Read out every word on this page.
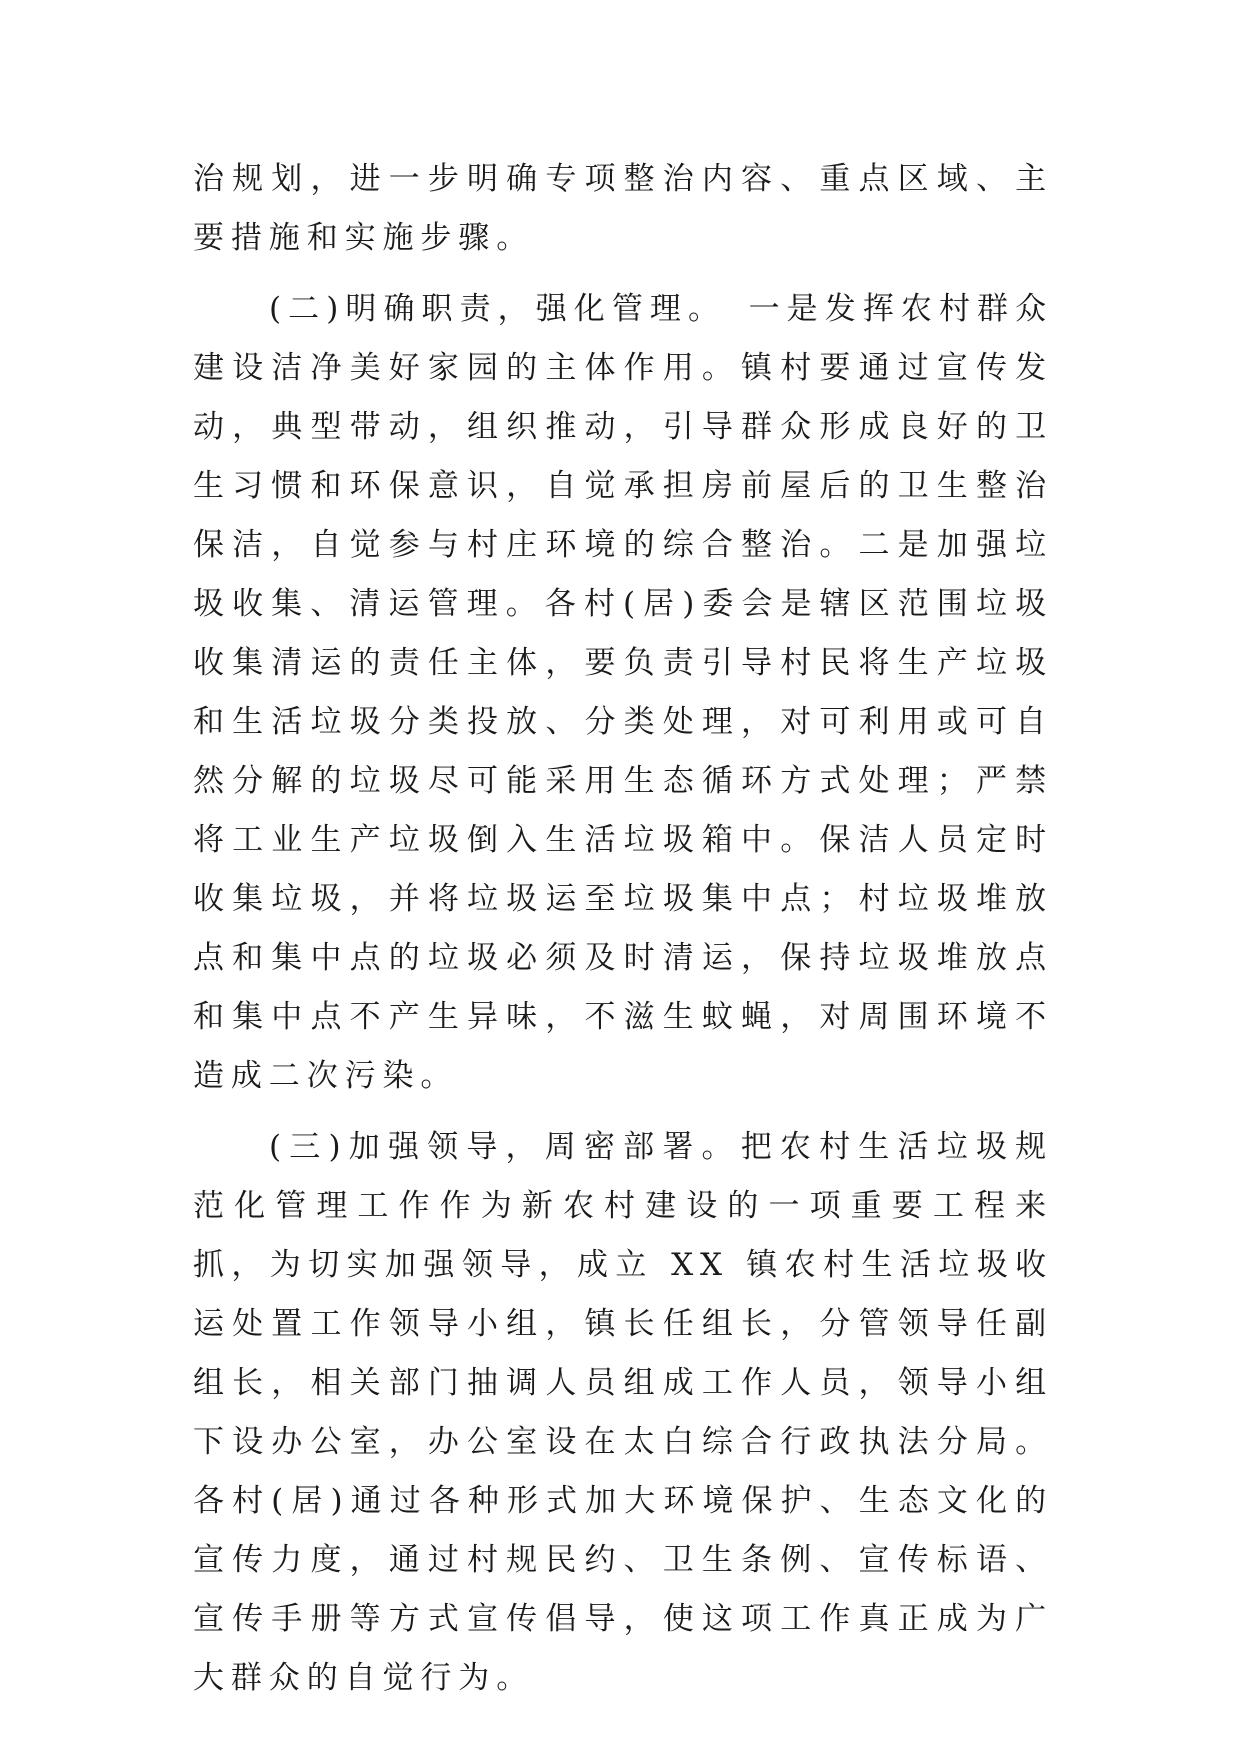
治规划，进一步明确专项整治内容、重点区域、主要措施和实施步骤。

(二)明确职责，强化管理。　一是发挥农村群众建设洁净美好家园的主体作用。镇村要通过宣传发动，典型带动，组织推动，引导群众形成良好的卫生习惯和环保意识，自觉承担房前屋后的卫生整治保洁，自觉参与村庄环境的综合整治。二是加强垃圾收集、清运管理。各村(居)委会是辖区范围垃圾收集清运的责任主体，要负责引导村民将生产垃圾和生活垃圾分类投放、分类处理，对可利用或可自然分解的垃圾尽可能采用生态循环方式处理；严禁将工业生产垃圾倒入生活垃圾箱中。保洁人员定时收集垃圾，并将垃圾运至垃圾集中点；村垃圾堆放点和集中点的垃圾必须及时清运，保持垃圾堆放点和集中点不产生异味，不滋生蚊蝇，对周围环境不造成二次污染。

(三)加强领导，周密部署。把农村生活垃圾规范化管理工作作为新农村建设的一项重要工程来抓，为切实加强领导，成立 XX 镇农村生活垃圾收运处置工作领导小组，镇长任组长，分管领导任副组长，相关部门抽调人员组成工作人员，领导小组下设办公室，办公室设在太白综合行政执法分局。各村(居)通过各种形式加大环境保护、生态文化的宣传力度，通过村规民约、卫生条例、宣传标语、宣传手册等方式宣传倡导，使这项工作真正成为广大群众的自觉行为。
